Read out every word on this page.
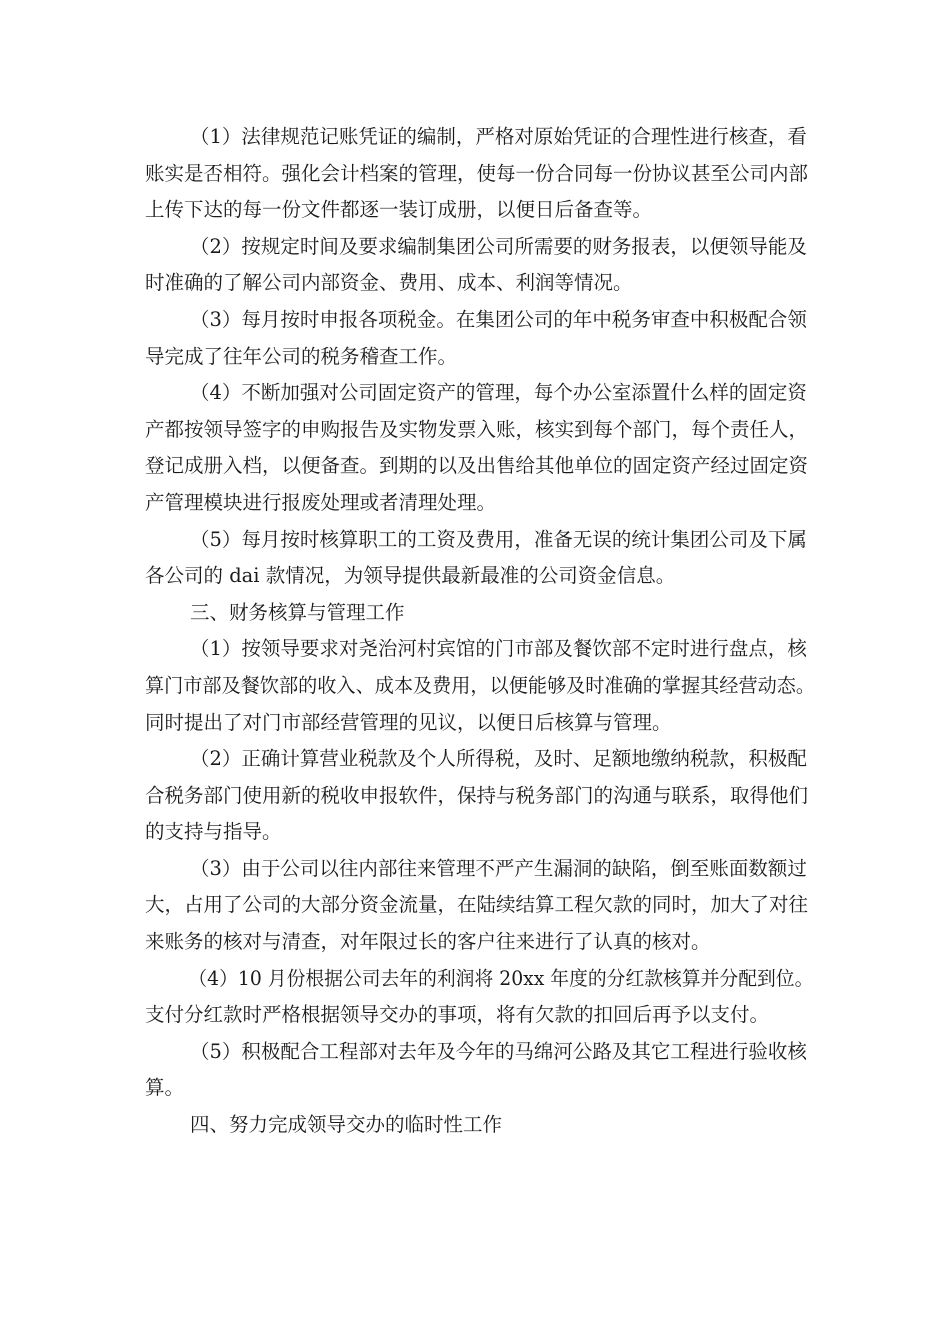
（1）法律规范记账凭证的编制，严格对原始凭证的合理性进行核查，看
账实是否相符。强化会计档案的管理，使每一份合同每一份协议甚至公司内部
上传下达的每一份文件都逐一装订成册，以便日后备查等。
（2）按规定时间及要求编制集团公司所需要的财务报表，以便领导能及
时准确的了解公司内部资金、费用、成本、利润等情况。
（3）每月按时申报各项税金。在集团公司的年中税务审查中积极配合领
导完成了往年公司的税务稽查工作。
（4）不断加强对公司固定资产的管理，每个办公室添置什么样的固定资
产都按领导签字的申购报告及实物发票入账，核实到每个部门，每个责任人，
登记成册入档，以便备查。到期的以及出售给其他单位的固定资产经过固定资
产管理模块进行报废处理或者清理处理。
（5）每月按时核算职工的工资及费用，准备无误的统计集团公司及下属
各公司的 dai 款情况，为领导提供最新最准的公司资金信息。
三、财务核算与管理工作
（1）按领导要求对尧治河村宾馆的门市部及餐饮部不定时进行盘点，核
算门市部及餐饮部的收入、成本及费用，以便能够及时准确的掌握其经营动态。

同时提出了对门市部经营管理的见议，以便日后核算与管理。
（2）正确计算营业税款及个人所得税，及时、足额地缴纳税款，积极配
合税务部门使用新的税收申报软件，保持与税务部门的沟通与联系，取得他们
的支持与指导。
（3）由于公司以往内部往来管理不严产生漏洞的缺陷，倒至账面数额过
大，占用了公司的大部分资金流量，在陆续结算工程欠款的同时，加大了对往
来账务的核对与清查，对年限过长的客户往来进行了认真的核对。
（4）10 月份根据公司去年的利润将 20xx 年度的分红款核算并分配到位。

支付分红款时严格根据领导交办的事项，将有欠款的扣回后再予以支付。
（5）积极配合工程部对去年及今年的马绵河公路及其它工程进行验收核
算。
四、努力完成领导交办的临时性工作
